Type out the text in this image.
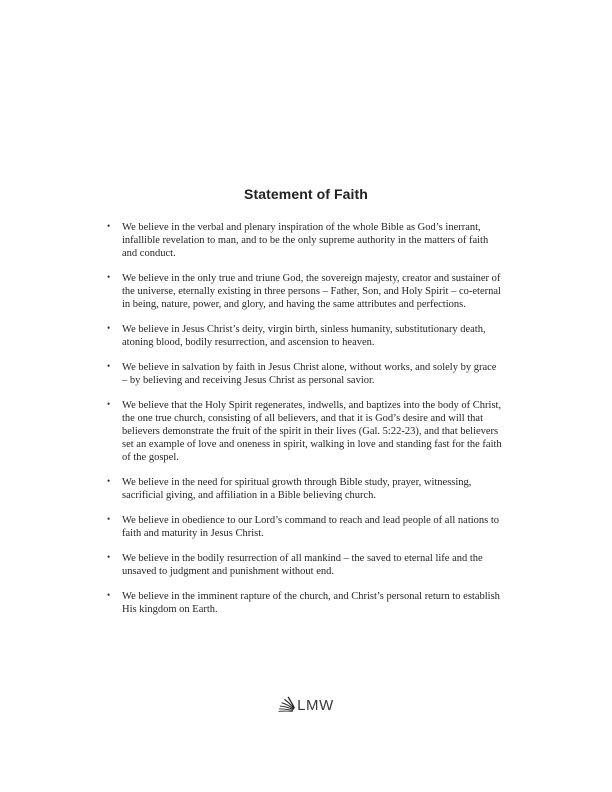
Statement of Faith
• We believe in the verbal and plenary inspiration of the whole Bible as God’s inerrant, infallible revelation to man, and to be the only supreme authority in the matters of faith and conduct.
• We believe in the only true and triune God, the sovereign majesty, creator and sustainer of the universe, eternally existing in three persons – Father, Son, and Holy Spirit – co-eternal in being, nature, power, and glory, and having the same attributes and perfections.
• We believe in Jesus Christ’s deity, virgin birth, sinless humanity, substitutionary death, atoning blood, bodily resurrection, and ascension to heaven.
• We believe in salvation by faith in Jesus Christ alone, without works, and solely by grace – by believing and receiving Jesus Christ as personal savior.
• We believe that the Holy Spirit regenerates, indwells, and baptizes into the body of Christ, the one true church, consisting of all believers, and that it is God’s desire and will that believers demonstrate the fruit of the spirit in their lives (Gal. 5:22-23), and that believers set an example of love and oneness in spirit, walking in love and standing fast for the faith of the gospel.
• We believe in the need for spiritual growth through Bible study, prayer, witnessing, sacrificial giving, and affiliation in a Bible believing church.
• We believe in obedience to our Lord’s command to reach and lead people of all nations to faith and maturity in Jesus Christ.
• We believe in the bodily resurrection of all mankind – the saved to eternal life and the unsaved to judgment and punishment without end.
• We believe in the imminent rapture of the church, and Christ’s personal return to establish His kingdom on Earth.
LMW
